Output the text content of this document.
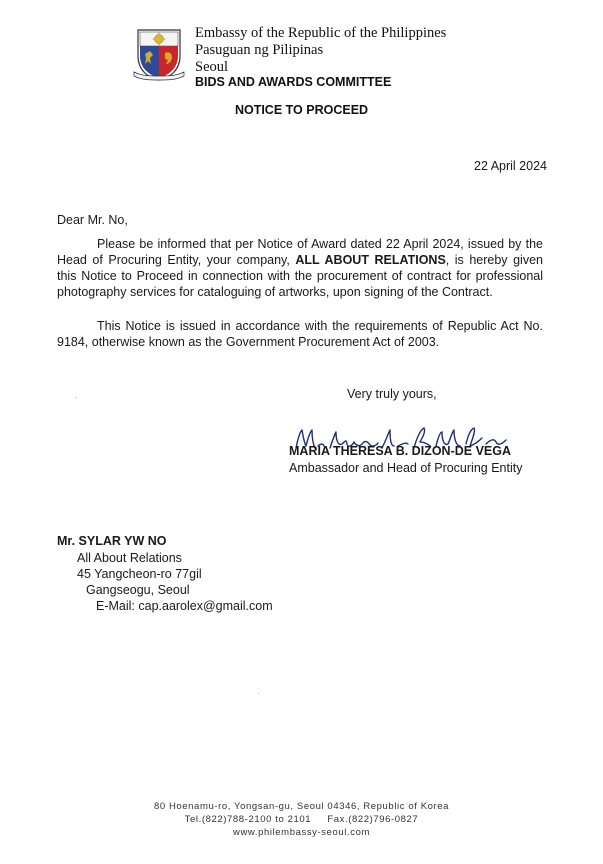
Embassy of the Republic of the Philippines
Pasuguan ng Pilipinas
Seoul
BIDS AND AWARDS COMMITTEE
NOTICE TO PROCEED
22 April 2024
Dear Mr. No,
Please be informed that per Notice of Award dated 22 April 2024, issued by the Head of Procuring Entity, your company, ALL ABOUT RELATIONS, is hereby given this Notice to Proceed in connection with the procurement of contract for professional photography services for cataloguing of artworks, upon signing of the Contract.
This Notice is issued in accordance with the requirements of Republic Act No. 9184, otherwise known as the Government Procurement Act of 2003.
Very truly yours,
MARIA THERESA B. DIZON-DE VEGA
Ambassador and Head of Procuring Entity
Mr. SYLAR YW NO
All About Relations
45 Yangcheon-ro 77gil
Gangseogu, Seoul
E-Mail: cap.aarolex@gmail.com
80 Hoenamu-ro, Yongsan-gu, Seoul 04346, Republic of Korea
Tel.(822)788-2100 to 2101     Fax.(822)796-0827
www.philembassy-seoul.com
